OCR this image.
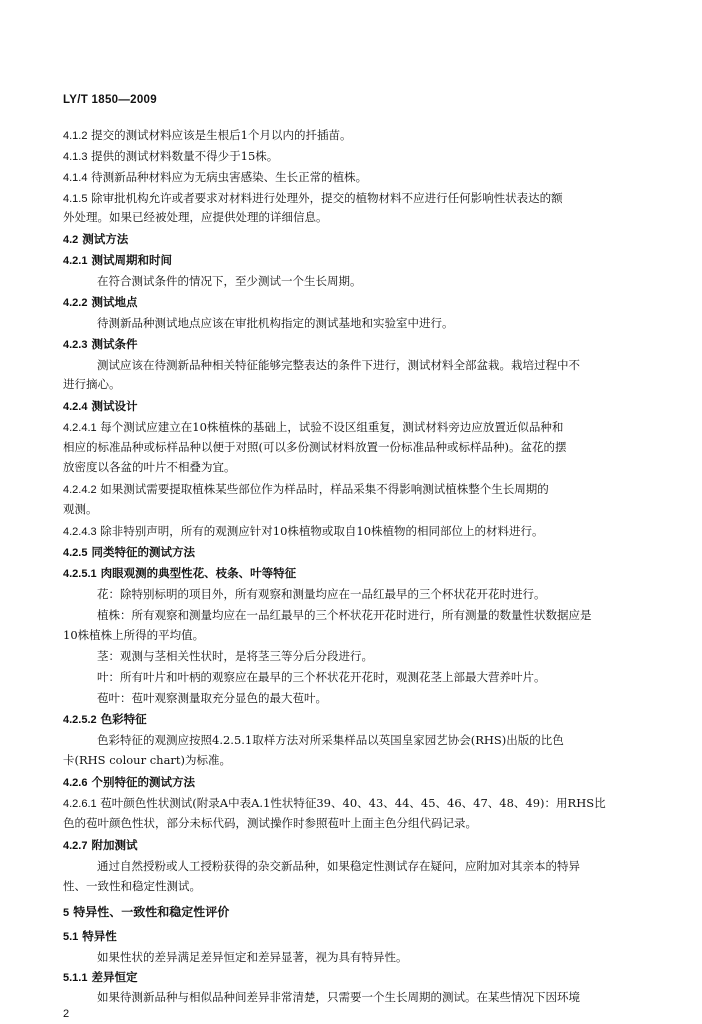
LY/T 1850—2009
4.1.2 提交的测试材料应该是生根后1个月以内的扦插苗。
4.1.3 提供的测试材料数量不得少于15株。
4.1.4 待测新品种材料应为无病虫害感染、生长正常的植株。
4.1.5 除审批机构允许或者要求对材料进行处理外，提交的植物材料不应进行任何影响性状表达的额
外处理。如果已经被处理，应提供处理的详细信息。
4.2 测试方法
4.2.1 测试周期和时间
在符合测试条件的情况下，至少测试一个生长周期。
4.2.2 测试地点
待测新品种测试地点应该在审批机构指定的测试基地和实验室中进行。
4.2.3 测试条件
测试应该在待测新品种相关特征能够完整表达的条件下进行，测试材料全部盆栽。栽培过程中不
进行摘心。
4.2.4 测试设计
4.2.4.1 每个测试应建立在10株植株的基础上，试验不设区组重复，测试材料旁边应放置近似品种和
相应的标准品种或标样品种以便于对照(可以多份测试材料放置一份标准品种或标样品种)。盆花的摆
放密度以各盆的叶片不相叠为宜。
4.2.4.2 如果测试需要提取植株某些部位作为样品时，样品采集不得影响测试植株整个生长周期的
观测。
4.2.4.3 除非特别声明，所有的观测应针对10株植物或取自10株植物的相同部位上的材料进行。
4.2.5 同类特征的测试方法
4.2.5.1 肉眼观测的典型性花、枝条、叶等特征
花：除特别标明的项目外，所有观察和测量均应在一品红最早的三个杯状花开花时进行。
植株：所有观察和测量均应在一品红最早的三个杯状花开花时进行，所有测量的数量性状数据应是
10株植株上所得的平均值。
茎：观测与茎相关性状时，是将茎三等分后分段进行。
叶：所有叶片和叶柄的观察应在最早的三个杯状花开花时，观测花茎上部最大营养叶片。
苞叶：苞叶观察测量取充分显色的最大苞叶。
4.2.5.2 色彩特征
色彩特征的观测应按照4.2.5.1取样方法对所采集样品以英国皇家园艺协会(RHS)出版的比色
卡(RHS colour chart)为标准。
4.2.6 个别特征的测试方法
4.2.6.1 苞叶颜色性状测试(附录A中表A.1性状特征39、40、43、44、45、46、47、48、49)：用RHS比
色的苞叶颜色性状，部分未标代码，测试操作时参照苞叶上面主色分组代码记录。
4.2.7 附加测试
通过自然授粉或人工授粉获得的杂交新品种，如果稳定性测试存在疑问，应附加对其亲本的特异
性、一致性和稳定性测试。
5 特异性、一致性和稳定性评价
5.1 特异性
2
如果性状的差异满足差异恒定和差异显著，视为具有特异性。
5.1.1 差异恒定
如果待测新品种与相似品种间差异非常清楚，只需要一个生长周期的测试。在某些情况下因环境
